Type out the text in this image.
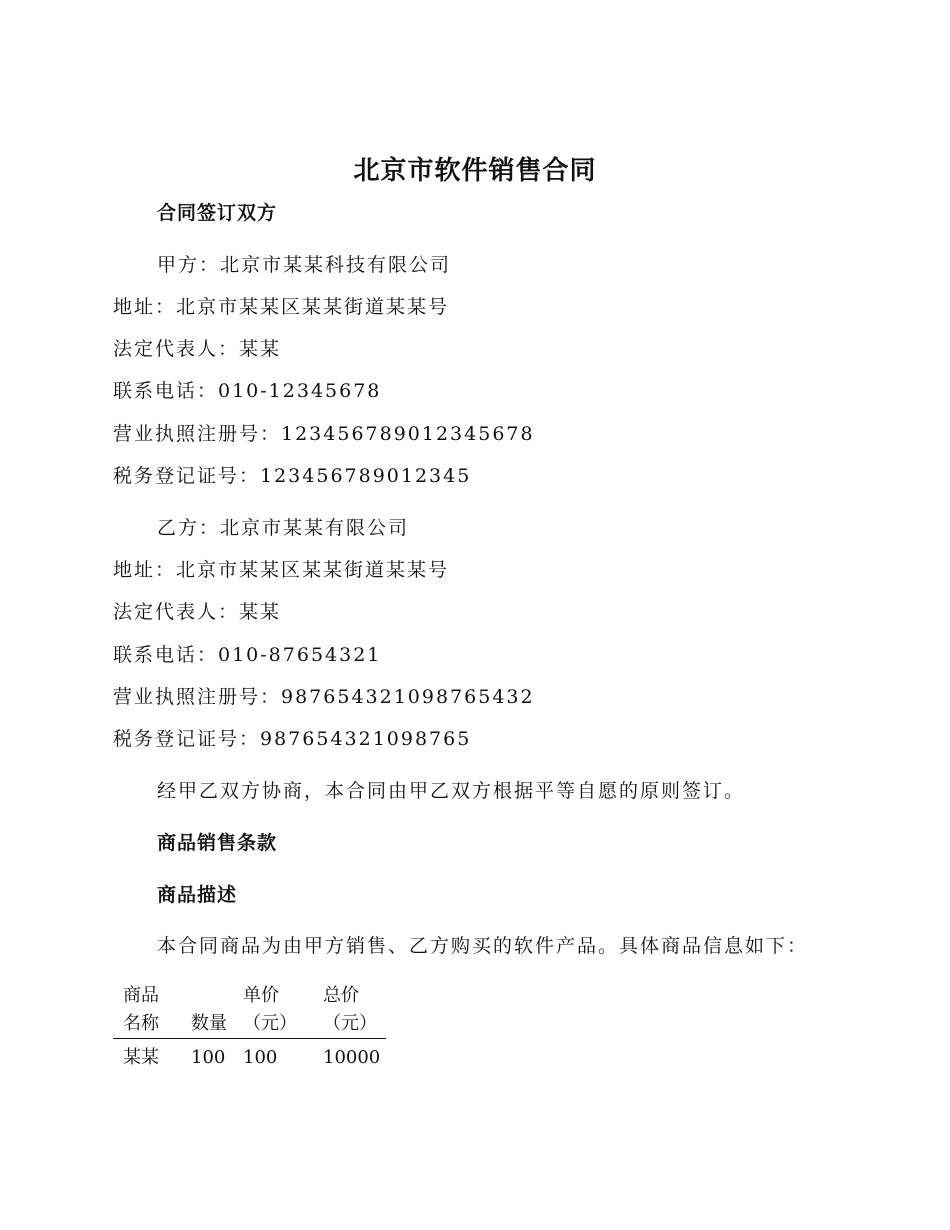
北京市软件销售合同
合同签订双方
甲方：北京市某某科技有限公司
地址：北京市某某区某某街道某某号
法定代表人：某某
联系电话：010-12345678
营业执照注册号：123456789012345678
税务登记证号：123456789012345
乙方：北京市某某有限公司
地址：北京市某某区某某街道某某号
法定代表人：某某
联系电话：010-87654321
营业执照注册号：987654321098765432
税务登记证号：987654321098765
经甲乙双方协商，本合同由甲乙双方根据平等自愿的原则签订。
商品销售条款
商品描述
本合同商品为由甲方销售、乙方购买的软件产品。具体商品信息如下：
商品名称	数量	单价（元）	总价（元）
某某	100	100	10000
